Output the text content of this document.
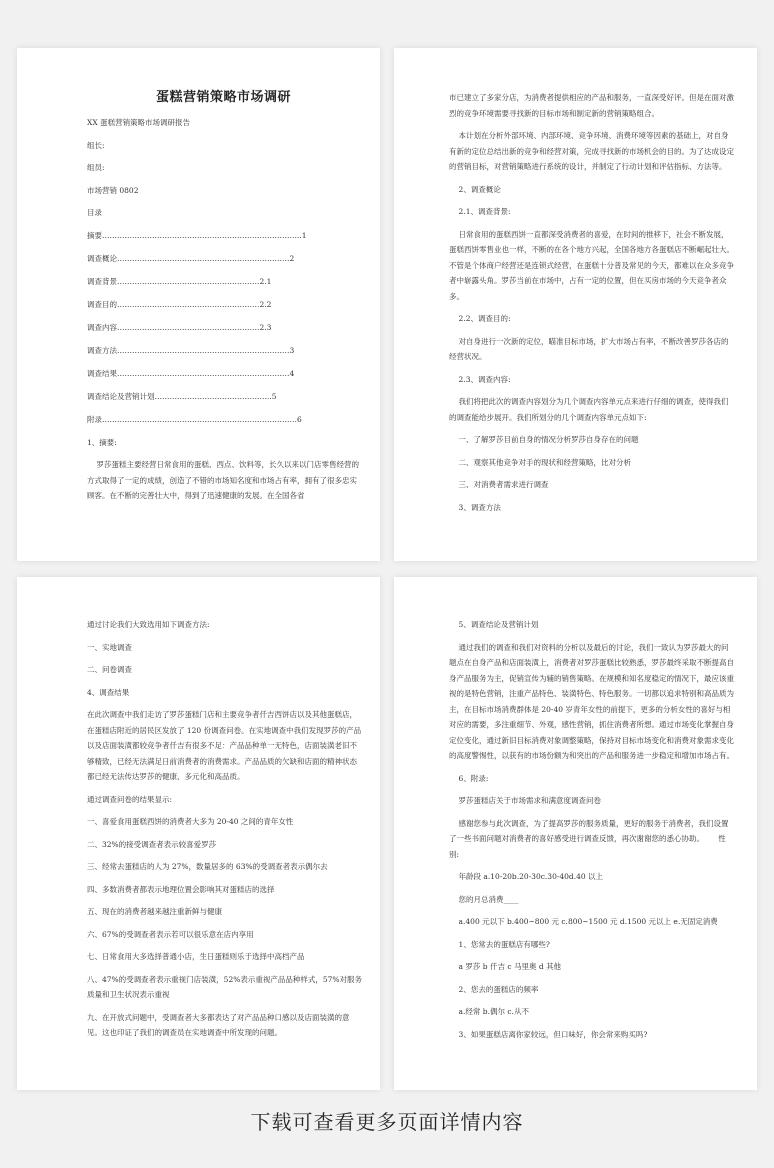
蛋糕营销策略市场调研
XX 蛋糕营销策略市场调研报告
组长:
组员:
市场营销 0802
目录
摘要……………………………………………………………………..1
调查概论……………………………………………………………2
调查背景…………………………………………………2.1
调查目的…………………………………………………2.2
调查内容…………………………………………………2.3
调查方法……………………………………………………………3
调查结果……………………………………………………………4
调查结论及营销计划………………………………………..5
附录……………………………………………………………………6
1、摘要:
罗莎蛋糕主要经营日常食用的蛋糕、西点、饮料等，长久以来以门店零售经营的方式取得了一定的成绩，创造了不错的市场知名度和市场占有率，拥有了很多忠实顾客。在不断的完善壮大中，得到了迅速健康的发展。在全国各省
市已建立了多家分店，为消费者提供相应的产品和服务，一直深受好评。但是在面对激烈的竞争环境需要寻找新的目标市场和制定新的营销策略组合。
本计划在分析外部环境、内部环境、竞争环境、消费环境等因素的基础上，对自身有新的定位总结出新的竞争和经营对策，完成寻找新的市场机会的目的。为了达成设定的营销目标，对营销策略进行系统的设计，并制定了行动计划和评估指标、方法等。
2、调查概论
2.1、调查背景:
日常食用的蛋糕西饼一直都深受消费者的喜爱，在时间的推移下，社会不断发展，蛋糕西饼零售业也一样，不断的在各个地方兴起，全国各地方各蛋糕店不断崛起壮大。不管是个体商户经营还是连锁式经营，在蛋糕十分普及常见的今天，都难以在众多竞争者中崭露头角。罗莎当前在市场中，占有一定的位置，但在买房市场的今天竞争者众多。
2.2、调查目的:
对自身进行一次新的定位，瞄准目标市场，扩大市场占有率，不断改善罗莎各店的经营状况。
2.3、调查内容:
我们将把此次的调查内容划分为几个调查内容单元点来进行仔细的调查，使得我们的调查能给步展开。我们所划分的几个调查内容单元点如下:
一、了解罗莎目前自身的情况分析罗莎自身存在的问题
二、观察其他竞争对手的现状和经营策略，比对分析
三、对消费者需求进行调查
3、调查方法
通过讨论我们大致选用如下调查方法:
一、实地调查
二、问卷调查
4、调查结果
在此次调查中我们走访了罗莎蛋糕门店和主要竞争者仟吉西饼店以及其他蛋糕店，在蛋糕店附近的居民区发放了 120 份调查问卷。在实地调查中我们发现罗莎的产品以及店面装潢都较竞争者仟吉有很多不足：产品品种单一无特色，店面装潢老旧不够精致，已经无法满足日前消费者的消费需求。产品品质的欠缺和店面的精神状态都已经无法传达罗莎的健康、多元化和高品质。
通过调查问卷的结果显示:
一、喜爱食用蛋糕西饼的消费者大多为 20-40 之间的青年女性
二、32%的接受调查者表示较喜爱罗莎
三、经常去蛋糕店的人为 27%，数量居多的 63%的受调查者表示偶尔去
四、多数消费者都表示地理位置会影响其对蛋糕店的选择
五、现在的消费者越来越注重新鲜与健康
六、67%的受调查者表示若可以很乐意在店内享用
七、日常食用大多选择普通小店，生日蛋糕则乐于选择中高档产品
八、47%的受调查者表示重视门店装潢，52%表示重视产品品种样式，57%对服务质量和卫生状况表示重视
九、在开放式问题中，受调查者大多都表达了对产品品种口感以及店面装潢的意见。这也印证了我们的调查员在实地调查中所发现的问题。
5、调查结论及营销计划
通过我们的调查和我们对资料的分析以及最后的讨论，我们一致认为罗莎最大的问题点在自身产品和店面装潢上，消费者对罗莎蛋糕比较熟悉，罗莎最终采取不断提高自身产品服务为主，促销宣传为辅的销售策略。在规模和知名度稳定的情况下，最应该重视的是特色营销，注重产品特色、装潢特色、特色服务。一切都以追求特别和高品质为主，在目标市场消费群体是 20-40 岁青年女性的前提下，更多的分析女性的喜好与相对应的需要，多注重细节、外观，感性营销，抓住消费者所想。通过市场变化掌握自身定位变化，通过新旧目标消费对象调整策略，保持对目标市场变化和消费对象需求变化的高度警惕性，以获有的市场份额为和突出的产品和服务进一步稳定和增加市场占有。
6、附录:
罗莎蛋糕店关于市场需求和满意度调查问卷
感谢您参与此次调查，为了提高罗莎的服务质量，更好的服务于消费者，我们设置了一些书面问题对消费者的喜好感受进行调查反馈，再次谢谢您的悉心协助。      性别:
年龄段 a.10-20b.20-30c.30-40d.40 以上
您的月总消费____
a.400 元以下 b.400~800 元 c.800~1500 元 d.1500 元以上 e.无固定消费
1、您常去的蛋糕店有哪些?
a 罗莎 b 仟吉 c 马里奥 d 其他
2、您去的蛋糕店的频率
a.经常 b.偶尔 c.从不
3、如果蛋糕店离你家较远，但口味好，你会常来购买吗?
下载可查看更多页面详情内容
